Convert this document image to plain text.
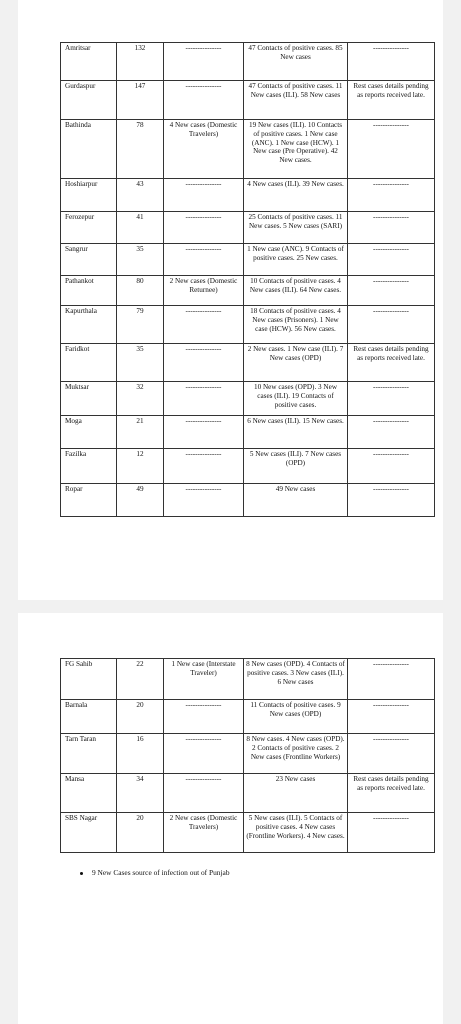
Amritsar	132	---------------	47 Contacts of positive cases. 85 New cases	---------------
Gurdaspur	147	---------------	47 Contacts of positive cases. 11 New cases (ILI). 58 New cases	Rest cases details pending as reports received late.
Bathinda	78	4 New cases (Domestic Travelers)	19 New cases (ILI). 10 Contacts of positive cases. 1 New case (ANC). 1 New case (HCW). 1 New case (Pre Operative). 42 New cases.	---------------
Hoshiarpur	43	---------------	4 New cases (ILI). 39 New cases.	---------------
Ferozepur	41	---------------	25 Contacts of positive cases. 11 New cases. 5 New cases (SARI)	---------------
Sangrur	35	---------------	1 New case (ANC). 9 Contacts of positive cases. 25 New cases.	---------------
Pathankot	80	2 New cases (Domestic Returnee)	10 Contacts of positive cases. 4 New cases (ILI). 64 New cases.	---------------
Kapurthala	79	---------------	18 Contacts of positive cases. 4 New cases (Prisoners). 1 New case (HCW). 56 New cases.	---------------
Faridkot	35	---------------	2 New cases. 1 New case (ILI). 7 New cases (OPD)	Rest cases details pending as reports received late.
Muktsar	32	---------------	10 New cases (OPD). 3 New cases (ILI). 19 Contacts of positive cases.	---------------
Moga	21	---------------	6 New cases (ILI). 15 New cases.	---------------
Fazilka	12	---------------	5 New cases (ILI). 7 New cases (OPD)	---------------
Ropar	49	---------------	49 New cases	---------------
FG Sahib	22	1 New case (Interstate Traveler)	8 New cases (OPD). 4 Contacts of positive cases. 3 New cases (ILI). 6 New cases	---------------
Barnala	20	---------------	11 Contacts of positive cases. 9 New cases (OPD)	---------------
Tarn Taran	16	---------------	8 New cases. 4 New cases (OPD). 2 Contacts of positive cases. 2 New cases (Frontline Workers)	---------------
Mansa	34	---------------	23 New cases	Rest cases details pending as reports received late.
SBS Nagar	20	2 New cases (Domestic Travelers)	5 New cases (ILI). 5 Contacts of positive cases. 4 New cases (Frontline Workers). 4 New cases.	---------------
9 New Cases source of infection out of Punjab
